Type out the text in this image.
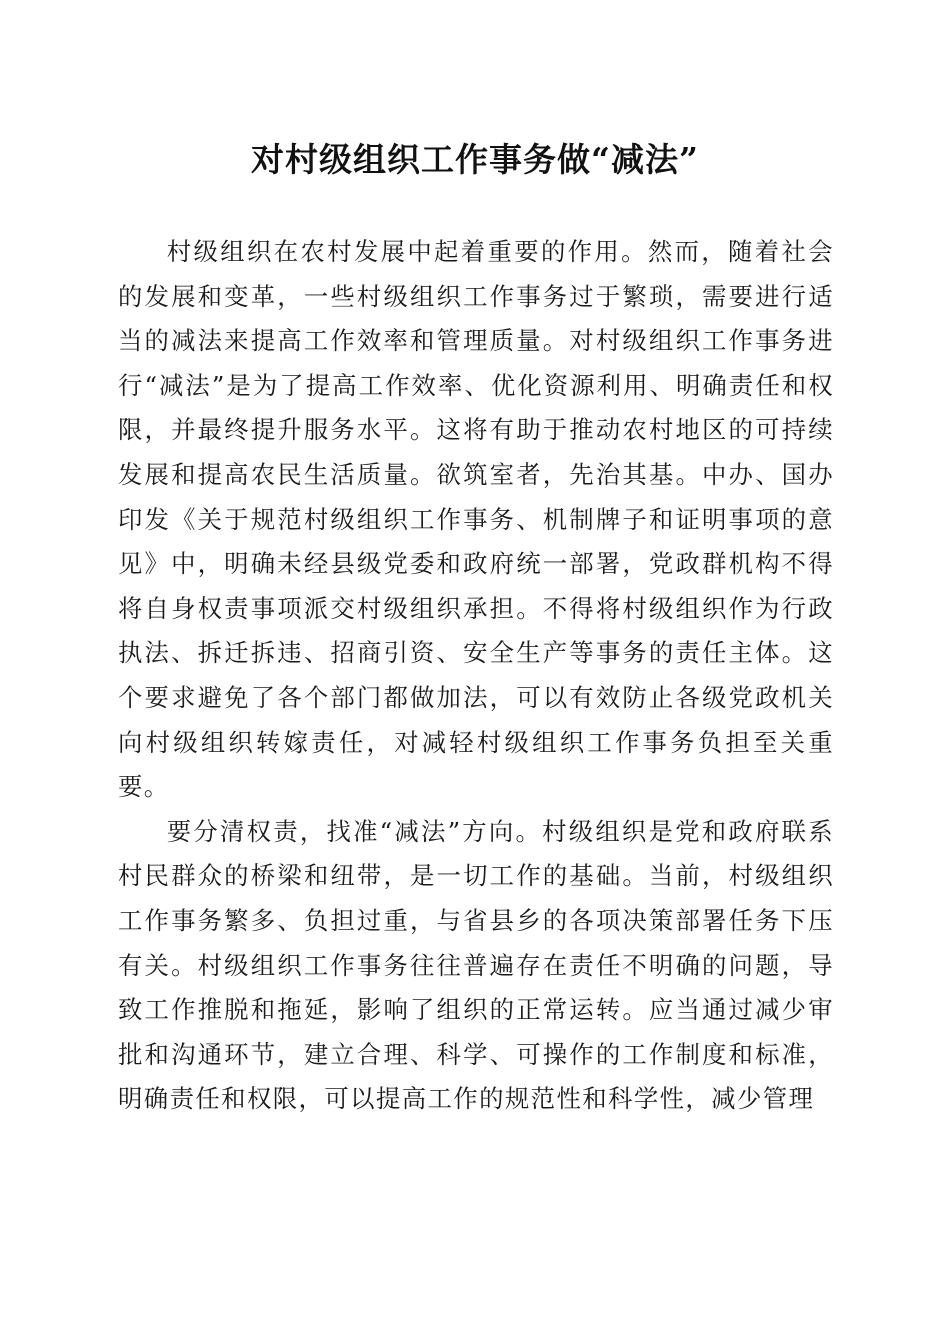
对村级组织工作事务做“减法”

村级组织在农村发展中起着重要的作用。然而，随着社会的发展和变革，一些村级组织工作事务过于繁琐，需要进行适当的减法来提高工作效率和管理质量。对村级组织工作事务进行“减法”是为了提高工作效率、优化资源利用、明确责任和权限，并最终提升服务水平。这将有助于推动农村地区的可持续发展和提高农民生活质量。欲筑室者，先治其基。中办、国办印发《关于规范村级组织工作事务、机制牌子和证明事项的意见》中，明确未经县级党委和政府统一部署，党政群机构不得将自身权责事项派交村级组织承担。不得将村级组织作为行政执法、拆迁拆违、招商引资、安全生产等事务的责任主体。这个要求避免了各个部门都做加法，可以有效防止各级党政机关向村级组织转嫁责任，对减轻村级组织工作事务负担至关重要。

要分清权责，找准“减法”方向。村级组织是党和政府联系村民群众的桥梁和纽带，是一切工作的基础。当前，村级组织工作事务繁多、负担过重，与省县乡的各项决策部署任务下压有关。村级组织工作事务往往普遍存在责任不明确的问题，导致工作推脱和拖延，影响了组织的正常运转。应当通过减少审批和沟通环节，建立合理、科学、可操作的工作制度和标准，明确责任和权限，可以提高工作的规范性和科学性，减少管理
